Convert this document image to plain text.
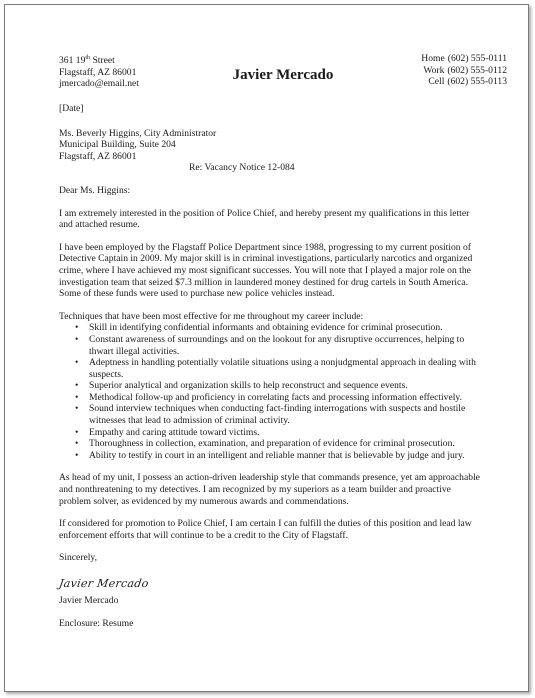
361 19th Street
Flagstaff, AZ 86001
jmercado@email.net
Javier Mercado
Home (602) 555-0111
Work (602) 555-0112
Cell (602) 555-0113
[Date]
Ms. Beverly Higgins, City Administrator
Municipal Building, Suite 204
Flagstaff, AZ 86001
Re: Vacancy Notice 12-084
Dear Ms. Higgins:

I am extremely interested in the position of Police Chief, and hereby present my qualifications in this letter
and attached resume.

I have been employed by the Flagstaff Police Department since 1988, progressing to my current position of
Detective Captain in 2009. My major skill is in criminal investigations, particularly narcotics and organized
crime, where I have achieved my most significant successes. You will note that I played a major role on the
investigation team that seized $7.3 million in laundered money destined for drug cartels in South America.
Some of these funds were used to purchase new police vehicles instead.

Techniques that have been most effective for me throughout my career include:

• Skill in identifying confidential informants and obtaining evidence for criminal prosecution.
• Constant awareness of surroundings and on the lookout for any disruptive occurrences, helping to
thwart illegal activities.
• Adeptness in handling potentially volatile situations using a nonjudgmental approach in dealing with
suspects.
• Superior analytical and organization skills to help reconstruct and sequence events.
• Methodical follow-up and proficiency in correlating facts and processing information effectively.
• Sound interview techniques when conducting fact-finding interrogations with suspects and hostile
witnesses that lead to admission of criminal activity.
• Empathy and caring attitude toward victims.
• Thoroughness in collection, examination, and preparation of evidence for criminal prosecution.
• Ability to testify in court in an intelligent and reliable manner that is believable by judge and jury.

As head of my unit, I possess an action-driven leadership style that commands presence, yet am approachable
and nonthreatening to my detectives. I am recognized by my superiors as a team builder and proactive
problem solver, as evidenced by my numerous awards and commendations.

If considered for promotion to Police Chief, I am certain I can fulfill the duties of this position and lead law
enforcement efforts that will continue to be a credit to the City of Flagstaff.

Sincerely,
Javier Mercado
Javier Mercado
Enclosure: Resume
